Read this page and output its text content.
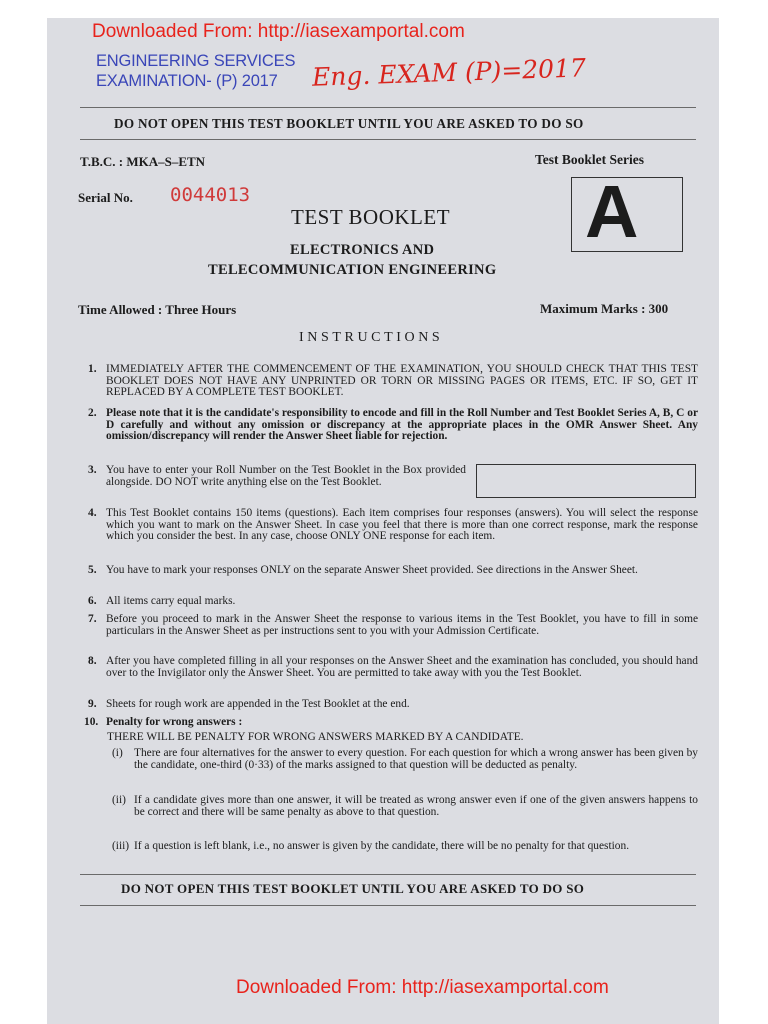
Downloaded From: http://iasexamportal.com
ENGINEERING SERVICES
EXAMINATION- (P) 2017	Eng. EXAM (P)=2017
DO NOT OPEN THIS TEST BOOKLET UNTIL YOU ARE ASKED TO DO SO
T.B.C. : MKA–S–ETN	Test Booklet Series
Serial No. 0044013
TEST BOOKLET
ELECTRONICS AND
TELECOMMUNICATION ENGINEERING
A
Time Allowed : Three Hours	Maximum Marks : 300
INSTRUCTIONS
1. IMMEDIATELY AFTER THE COMMENCEMENT OF THE EXAMINATION, YOU SHOULD CHECK THAT THIS TEST BOOKLET DOES NOT HAVE ANY UNPRINTED OR TORN OR MISSING PAGES OR ITEMS, ETC. IF SO, GET IT REPLACED BY A COMPLETE TEST BOOKLET.
2. Please note that it is the candidate's responsibility to encode and fill in the Roll Number and Test Booklet Series A, B, C or D carefully and without any omission or discrepancy at the appropriate places in the OMR Answer Sheet. Any omission/discrepancy will render the Answer Sheet liable for rejection.
3. You have to enter your Roll Number on the Test Booklet in the Box provided alongside. DO NOT write anything else on the Test Booklet.
4. This Test Booklet contains 150 items (questions). Each item comprises four responses (answers). You will select the response which you want to mark on the Answer Sheet. In case you feel that there is more than one correct response, mark the response which you consider the best. In any case, choose ONLY ONE response for each item.
5. You have to mark your responses ONLY on the separate Answer Sheet provided. See directions in the Answer Sheet.
6. All items carry equal marks.
7. Before you proceed to mark in the Answer Sheet the response to various items in the Test Booklet, you have to fill in some particulars in the Answer Sheet as per instructions sent to you with your Admission Certificate.
8. After you have completed filling in all your responses on the Answer Sheet and the examination has concluded, you should hand over to the Invigilator only the Answer Sheet. You are permitted to take away with you the Test Booklet.
9. Sheets for rough work are appended in the Test Booklet at the end.
10. Penalty for wrong answers :
THERE WILL BE PENALTY FOR WRONG ANSWERS MARKED BY A CANDIDATE.
(i) There are four alternatives for the answer to every question. For each question for which a wrong answer has been given by the candidate, one-third (0·33) of the marks assigned to that question will be deducted as penalty.
(ii) If a candidate gives more than one answer, it will be treated as wrong answer even if one of the given answers happens to be correct and there will be same penalty as above to that question.
(iii) If a question is left blank, i.e., no answer is given by the candidate, there will be no penalty for that question.
DO NOT OPEN THIS TEST BOOKLET UNTIL YOU ARE ASKED TO DO SO
Downloaded From: http://iasexamportal.com
